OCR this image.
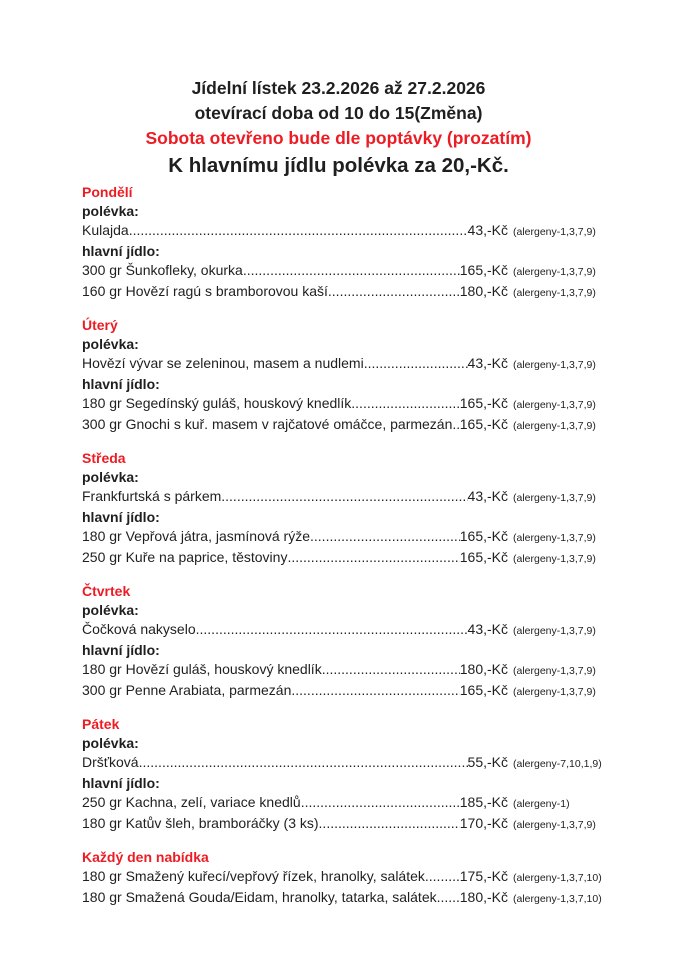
Jídelní lístek 23.2.2026 až 27.2.2026
otevírací doba od 10 do 15(Změna)
Sobota otevřeno bude dle poptávky (prozatím)
K hlavnímu jídlu polévka za 20,-Kč.
Pondělí
polévka:
Kulajda .....	43,-Kč (alergeny-1,3,7,9)
hlavní jídlo:
300 gr Šunkofleky, okurka .....	165,-Kč (alergeny-1,3,7,9)
160 gr Hovězí ragú s bramborovou kaší .....	180,-Kč (alergeny-1,3,7,9)
Úterý
polévka:
Hovězí vývar se zeleninou, masem a nudlemi .....	43,-Kč (alergeny-1,3,7,9)
hlavní jídlo:
180 gr Segedínský guláš, houskový knedlík .....	165,-Kč (alergeny-1,3,7,9)
300 gr Gnochi s kuř. masem v rajčatové omáčce, parmezán ..... 165,-Kč (alergeny-1,3,7,9)
Středa
polévka:
Frankfurtská s párkem .....	43,-Kč (alergeny-1,3,7,9)
hlavní jídlo:
180 gr Vepřová játra, jasmínová rýže .....	165,-Kč (alergeny-1,3,7,9)
250 gr Kuře na paprice, těstoviny .....	165,-Kč (alergeny-1,3,7,9)
Čtvrtek
polévka:
Čočková nakyselo .....	43,-Kč (alergeny-1,3,7,9)
hlavní jídlo:
180 gr Hovězí guláš, houskový knedlík .....	180,-Kč (alergeny-1,3,7,9)
300 gr Penne Arabiata, parmezán .....	165,-Kč (alergeny-1,3,7,9)
Pátek
polévka:
Dršťková .....	55,-Kč (alergeny-7,10,1,9)
hlavní jídlo:
250 gr Kachna, zelí, variace knedlů .....	185,-Kč (alergeny-1)
180 gr Katův šleh, bramboráčky (3 ks) .....	170,-Kč (alergeny-1,3,7,9)
Každý den nabídka
180 gr Smažený kuřecí/vepřový řízek, hranolky, salátek ..... 175,-Kč (alergeny-1,3,7,10)
180 gr Smažená Gouda/Eidam, hranolky, tatarka, salátek ..... 180,-Kč (alergeny-1,3,7,10)
